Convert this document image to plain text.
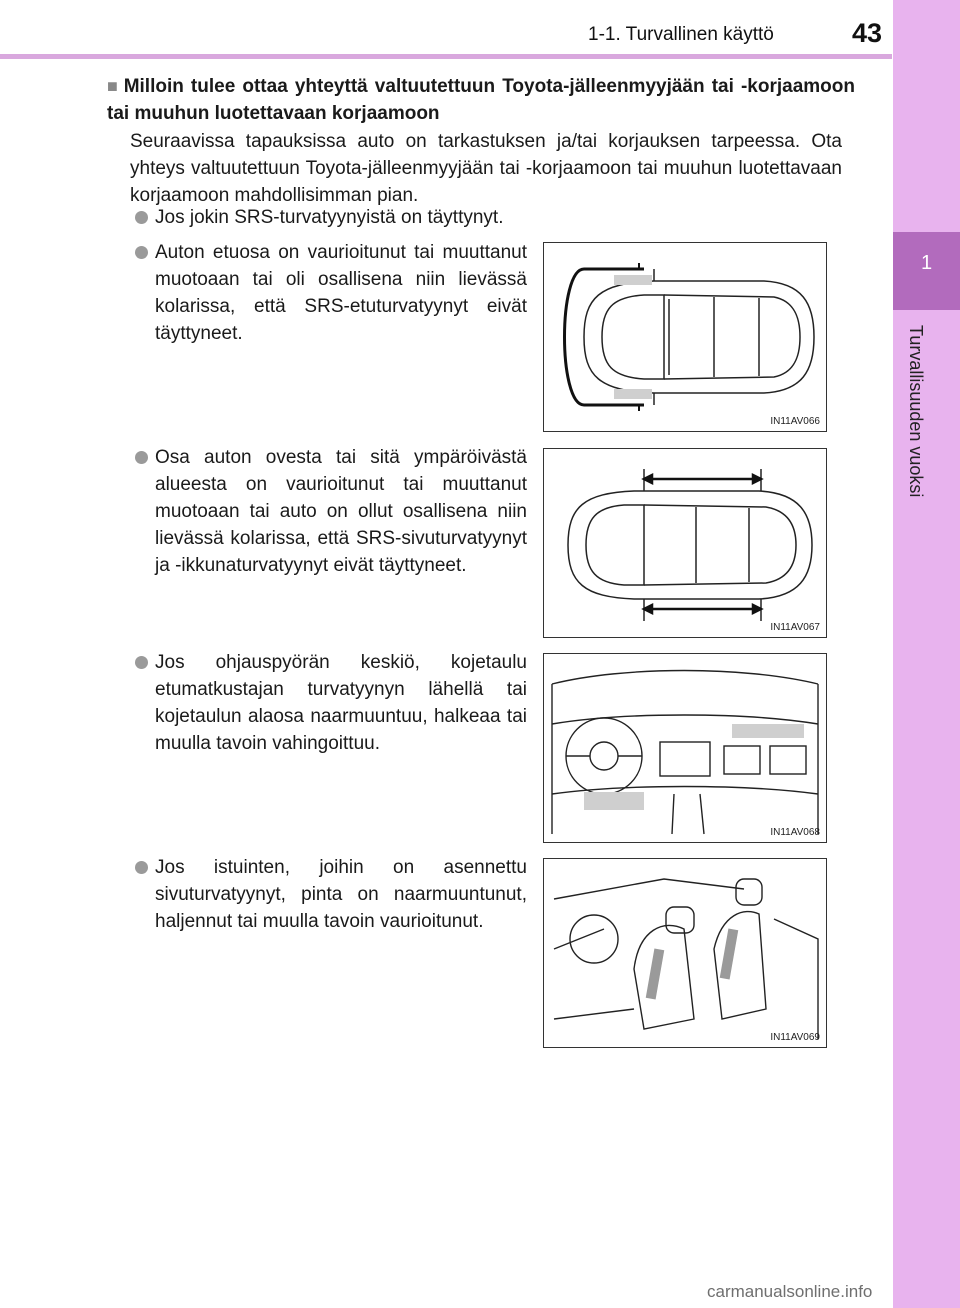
1-1. Turvallinen käyttö	43
1
Turvallisuuden vuoksi
■ Milloin tulee ottaa yhteyttä valtuutettuun Toyota-jälleenmyyjään tai -korjaamoon tai muuhun luotettavaan korjaamoon
Seuraavissa tapauksissa auto on tarkastuksen ja/tai korjauksen tarpeessa. Ota yhteys valtuutettuun Toyota-jälleenmyyjään tai -korjaamoon tai muuhun luotettavaan korjaamoon mahdollisimman pian.
Jos jokin SRS-turvatyynyistä on täyttynyt.
Auton etuosa on vaurioitunut tai muuttanut muotoaan tai oli osallisena niin lievässä kolarissa, että SRS-etuturvatyynyt eivät täyttyneet.
IN11AV066
Osa auton ovesta tai sitä ympäröivästä alueesta on vaurioitunut tai muuttanut muotoaan tai auto on ollut osallisena niin lievässä kolarissa, että SRS-sivuturvatyynyt ja -ikkunaturvatyynyt eivät täyttyneet.
IN11AV067
Jos ohjauspyörän keskiö, kojetaulu etumatkustajan turvatyynyn lähellä tai kojetaulun alaosa naarmuuntuu, halkeaa tai muulla tavoin vahingoittuu.
IN11AV068
Jos istuinten, joihin on asennettu sivuturvatyynyt, pinta on naarmuuntunut, haljennut tai muulla tavoin vaurioitunut.
IN11AV069
carmanualsonline.info
